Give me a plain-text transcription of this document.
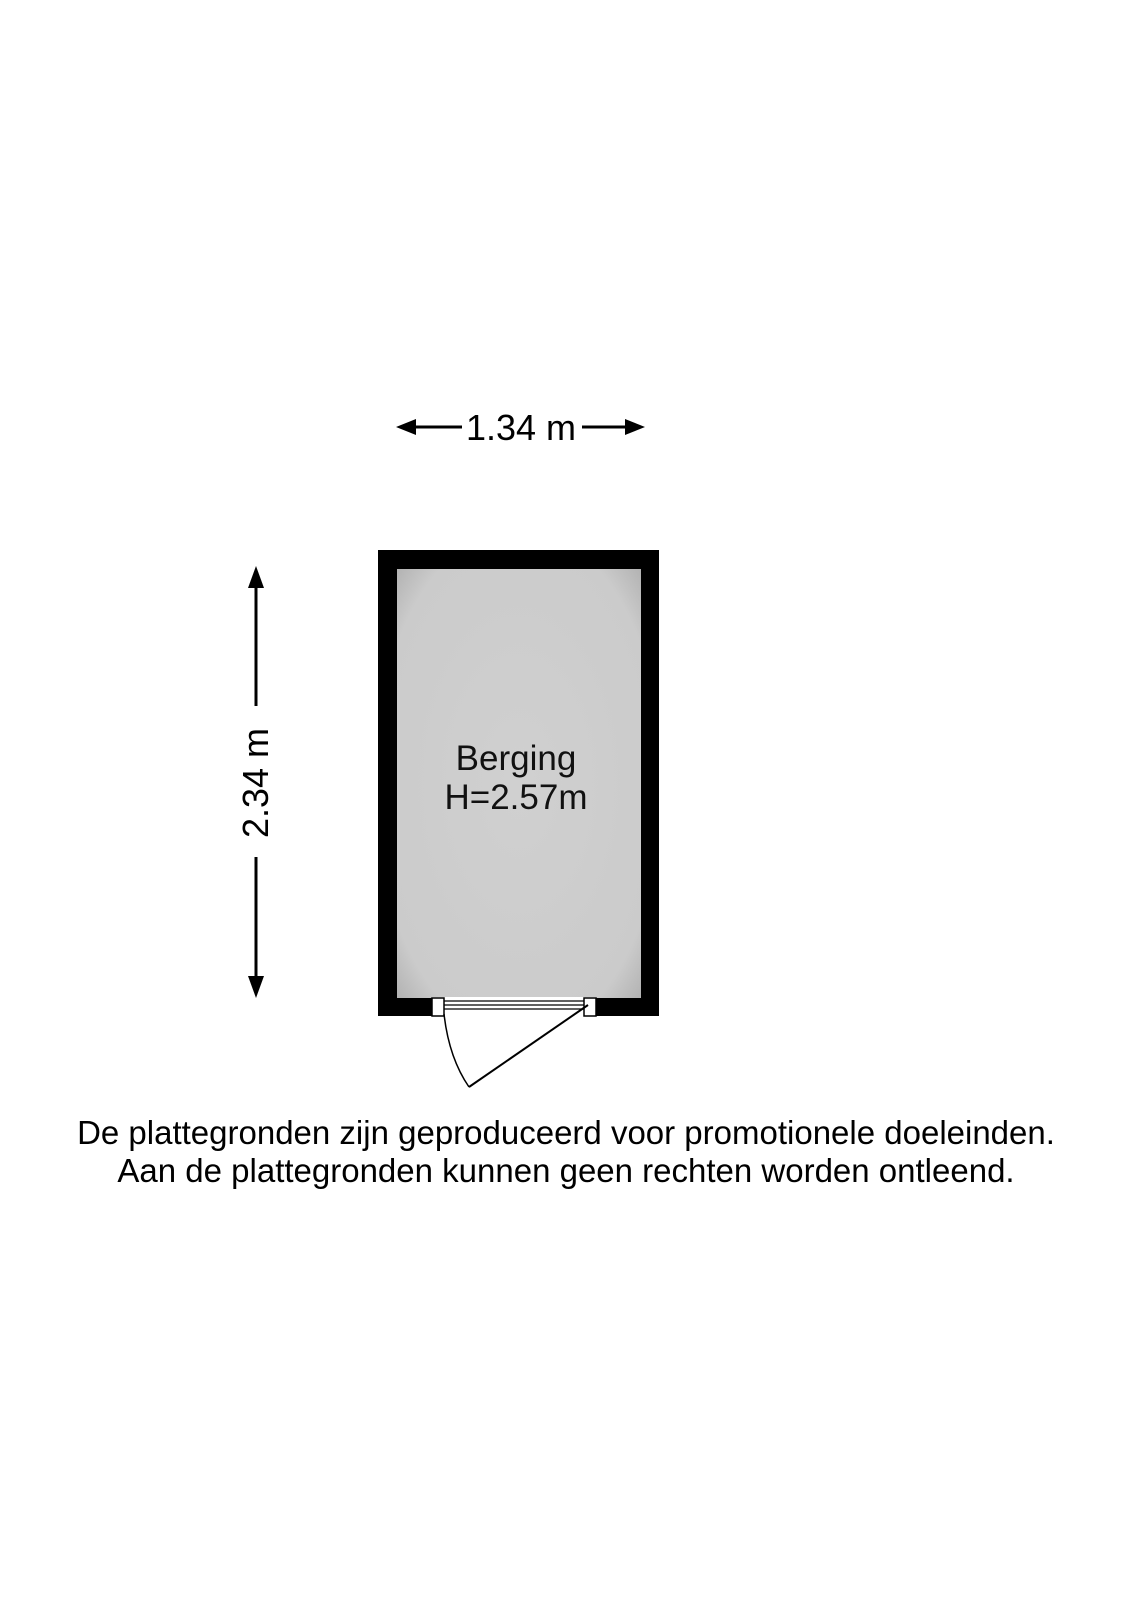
1.34 m
2.34 m	Berging
H=2.57m
De plattegronden zijn geproduceerd voor promotionele doeleinden.
Aan de plattegronden kunnen geen rechten worden ontleend.
